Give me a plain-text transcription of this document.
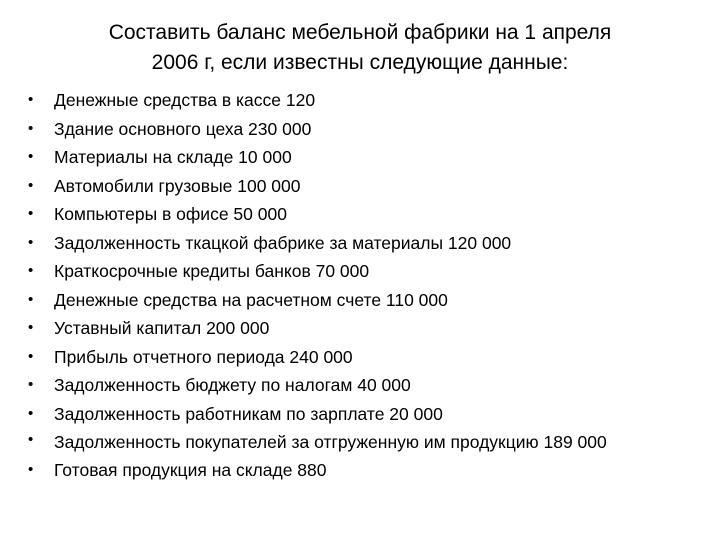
Составить баланс мебельной фабрики на 1 апреля
2006 г, если известны следующие данные:
• Денежные средства в кассе 120
• Здание основного цеха 230 000
• Материалы на складе 10 000
• Автомобили грузовые 100 000
• Компьютеры в офисе 50 000
• Задолженность ткацкой фабрике за материалы 120 000
• Краткосрочные кредиты банков 70 000
• Денежные средства на расчетном счете 110 000
• Уставный капитал 200 000
• Прибыль отчетного периода 240 000
• Задолженность бюджету по налогам 40 000
• Задолженность работникам по зарплате 20 000
• Задолженность покупателей за отгруженную им продукцию 189 000
• Готовая продукция на складе 880
